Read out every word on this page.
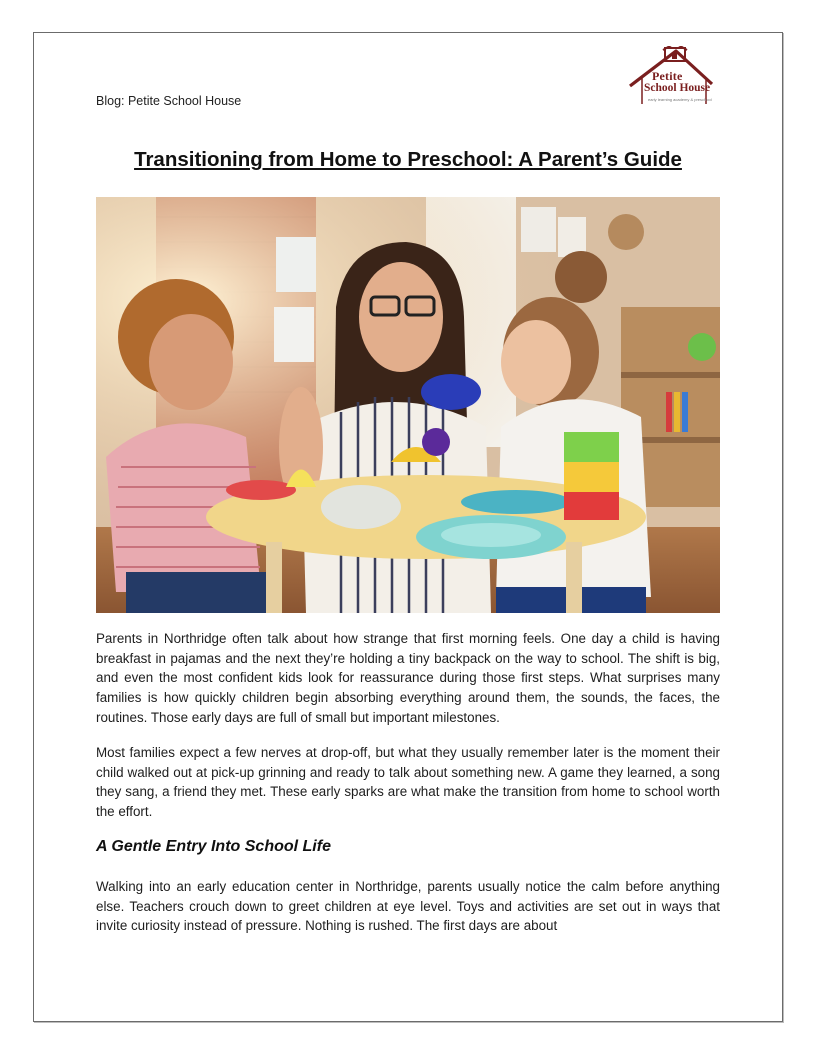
Blog: Petite School House
Petite
School House
early learning academy & preschool
Transitioning from Home to Preschool: A Parent’s Guide

Parents in Northridge often talk about how strange that first morning feels. One day a child is having breakfast in pajamas and the next they’re holding a tiny backpack on the way to school. The shift is big, and even the most confident kids look for reassurance during those first steps. What surprises many families is how quickly children begin absorbing everything around them, the sounds, the faces, the routines. Those early days are full of small but important milestones.

Most families expect a few nerves at drop-off, but what they usually remember later is the moment their child walked out at pick-up grinning and ready to talk about something new. A game they learned, a song they sang, a friend they met. These early sparks are what make the transition from home to school worth the effort.

A Gentle Entry Into School Life

Walking into an early education center in Northridge, parents usually notice the calm before anything else. Teachers crouch down to greet children at eye level. Toys and activities are set out in ways that invite curiosity instead of pressure. Nothing is rushed. The first days are about
